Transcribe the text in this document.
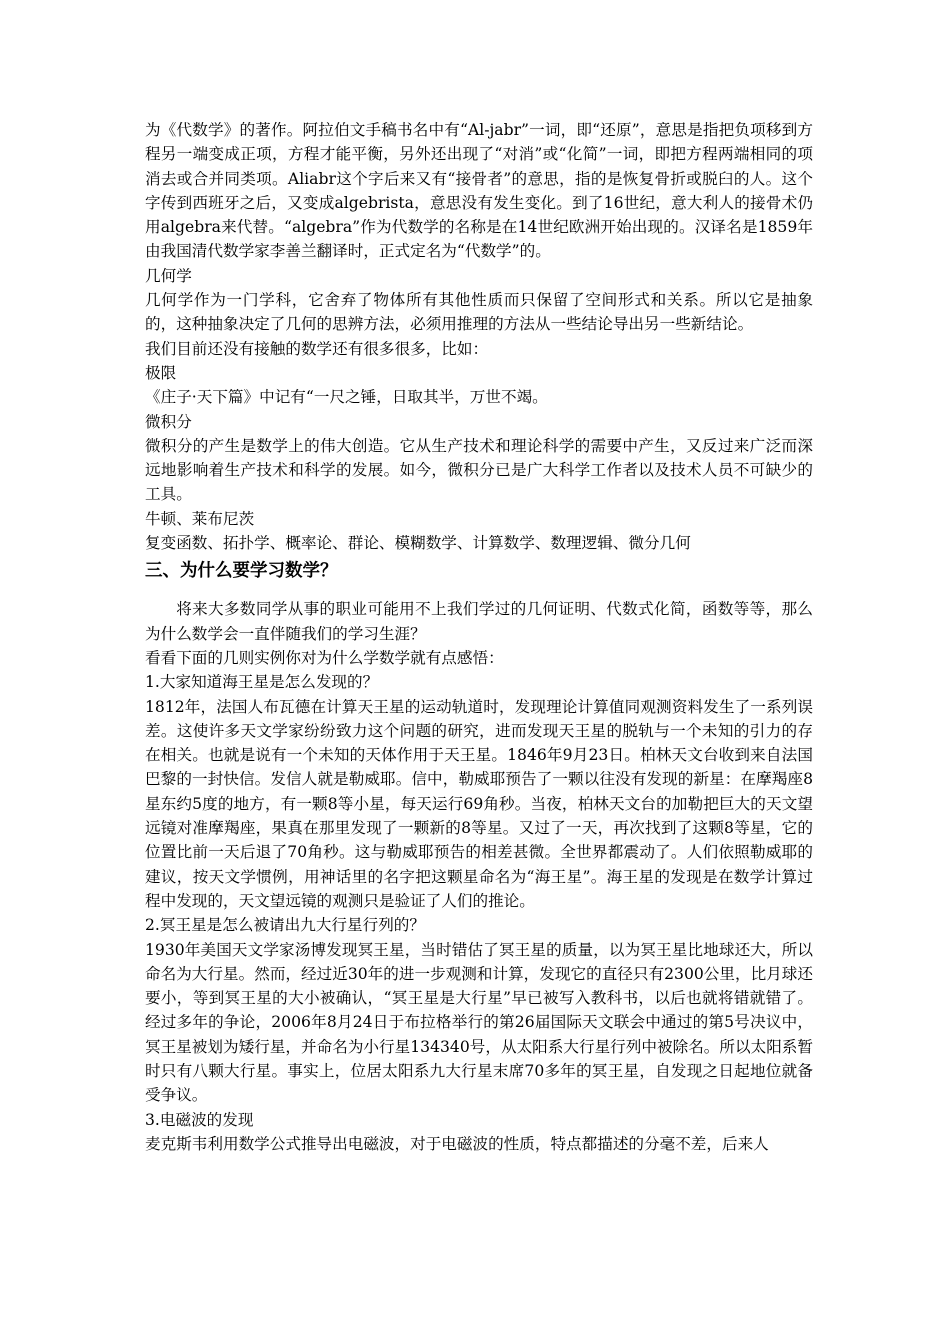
为《代数学》的著作。阿拉伯文手稿书名中有“Al-jabr”一词，即“还原”，意思是指把负项移到方程另一端变成正项，方程才能平衡，另外还出现了“对消”或“化简”一词，即把方程两端相同的项消去或合并同类项。Aliabr这个字后来又有“接骨者”的意思，指的是恢复骨折或脱臼的人。这个字传到西班牙之后，又变成algebrista，意思没有发生变化。到了16世纪，意大利人的接骨术仍用algebra来代替。“algebra”作为代数学的名称是在14世纪欧洲开始出现的。汉译名是1859年由我国清代数学家李善兰翻译时，正式定名为“代数学”的。

几何学

几何学作为一门学科，它舍弃了物体所有其他性质而只保留了空间形式和关系。所以它是抽象的，这种抽象决定了几何的思辨方法，必须用推理的方法从一些结论导出另一些新结论。

我们目前还没有接触的数学还有很多很多，比如：

极限

《庄子·天下篇》中记有“一尺之锤，日取其半，万世不竭。

微积分

微积分的产生是数学上的伟大创造。它从生产技术和理论科学的需要中产生，又反过来广泛而深远地影响着生产技术和科学的发展。如今，微积分已是广大科学工作者以及技术人员不可缺少的工具。

牛顿、莱布尼茨

复变函数、拓扑学、概率论、群论、模糊数学、计算数学、数理逻辑、微分几何

三、为什么要学习数学？

将来大多数同学从事的职业可能用不上我们学过的几何证明、代数式化简，函数等等，那么为什么数学会一直伴随我们的学习生涯？

看看下面的几则实例你对为什么学数学就有点感悟：

1.大家知道海王星是怎么发现的？

1812年，法国人布瓦德在计算天王星的运动轨道时，发现理论计算值同观测资料发生了一系列误差。这使许多天文学家纷纷致力这个问题的研究，进而发现天王星的脱轨与一个未知的引力的存在相关。也就是说有一个未知的天体作用于天王星。1846年9月23日。柏林天文台收到来自法国巴黎的一封快信。发信人就是勒威耶。信中，勒威耶预告了一颗以往没有发现的新星：在摩羯座8星东约5度的地方，有一颗8等小星，每天运行69角秒。当夜，柏林天文台的加勒把巨大的天文望远镜对准摩羯座，果真在那里发现了一颗新的8等星。又过了一天，再次找到了这颗8等星，它的位置比前一天后退了70角秒。这与勒威耶预告的相差甚微。全世界都震动了。人们依照勒威耶的建议，按天文学惯例，用神话里的名字把这颗星命名为“海王星”。海王星的发现是在数学计算过程中发现的，天文望远镜的观测只是验证了人们的推论。

2.冥王星是怎么被请出九大行星行列的？

1930年美国天文学家汤博发现冥王星，当时错估了冥王星的质量，以为冥王星比地球还大，所以命名为大行星。然而，经过近30年的进一步观测和计算，发现它的直径只有2300公里，比月球还要小，等到冥王星的大小被确认，“冥王星是大行星”早已被写入教科书，以后也就将错就错了。经过多年的争论，2006年8月24日于布拉格举行的第26届国际天文联会中通过的第5号决议中，冥王星被划为矮行星，并命名为小行星134340号，从太阳系大行星行列中被除名。所以太阳系暂时只有八颗大行星。事实上，位居太阳系九大行星末席70多年的冥王星，自发现之日起地位就备受争议。

3.电磁波的发现

麦克斯韦利用数学公式推导出电磁波，对于电磁波的性质，特点都描述的分毫不差，后来人
